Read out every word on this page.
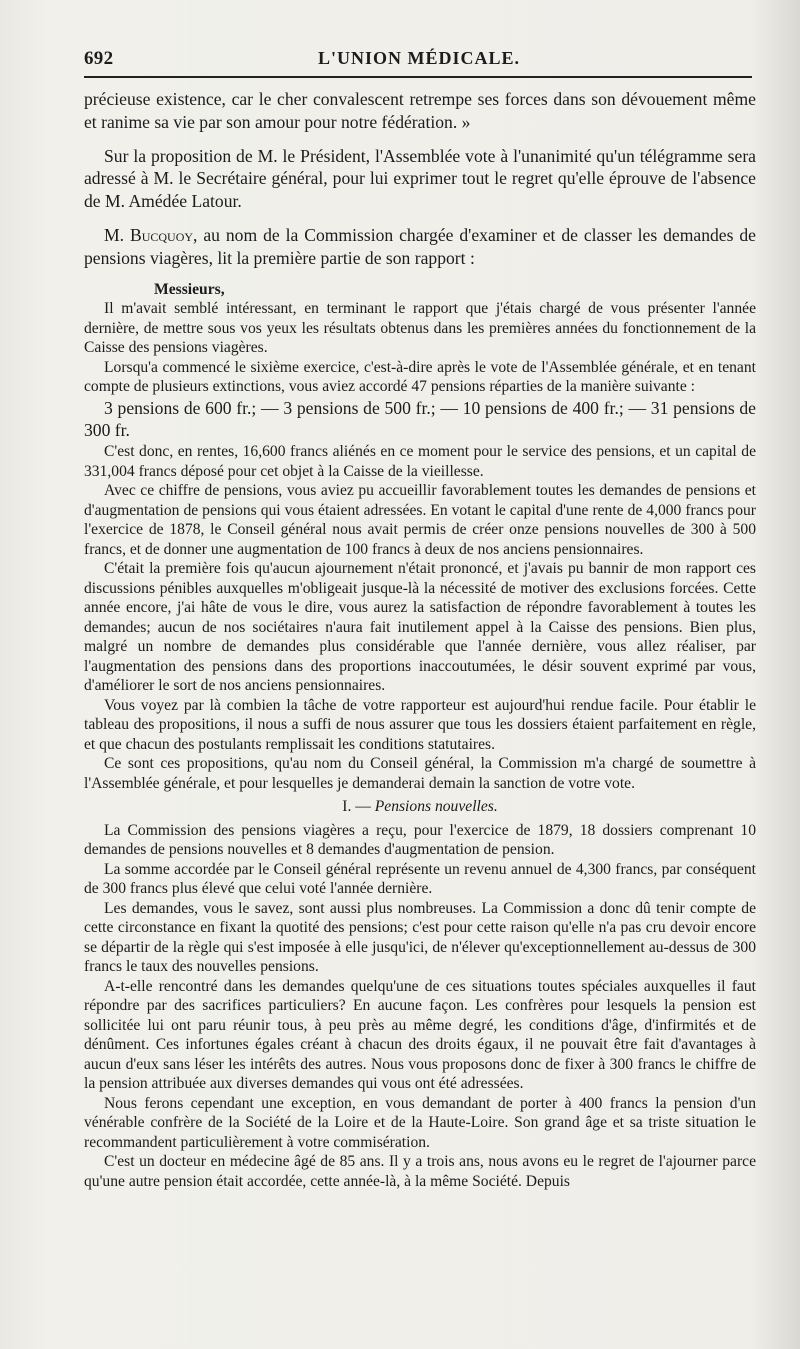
692	L'UNION MÉDICALE.

précieuse existence, car le cher convalescent retrempe ses forces dans son dévouement même et ranime sa vie par son amour pour notre fédération. »

Sur la proposition de M. le Président, l'Assemblée vote à l'unanimité qu'un télégramme sera adressé à M. le Secrétaire général, pour lui exprimer tout le regret qu'elle éprouve de l'absence de M. Amédée Latour.

M. Bucquoy, au nom de la Commission chargée d'examiner et de classer les demandes de pensions viagères, lit la première partie de son rapport :

Messieurs,

Il m'avait semblé intéressant, en terminant le rapport que j'étais chargé de vous présenter l'année dernière, de mettre sous vos yeux les résultats obtenus dans les premières années du fonctionnement de la Caisse des pensions viagères.

Lorsqu'a commencé le sixième exercice, c'est-à-dire après le vote de l'Assemblée générale, et en tenant compte de plusieurs extinctions, vous aviez accordé 47 pensions réparties de la manière suivante :

3 pensions de 600 fr.; — 3 pensions de 500 fr.; — 10 pensions de 400 fr.; — 31 pensions de 300 fr.

C'est donc, en rentes, 16,600 francs aliénés en ce moment pour le service des pensions, et un capital de 331,004 francs déposé pour cet objet à la Caisse de la vieillesse.

Avec ce chiffre de pensions, vous aviez pu accueillir favorablement toutes les demandes de pensions et d'augmentation de pensions qui vous étaient adressées. En votant le capital d'une rente de 4,000 francs pour l'exercice de 1878, le Conseil général nous avait permis de créer onze pensions nouvelles de 300 à 500 francs, et de donner une augmentation de 100 francs à deux de nos anciens pensionnaires.

C'était la première fois qu'aucun ajournement n'était prononcé, et j'avais pu bannir de mon rapport ces discussions pénibles auxquelles m'obligeait jusque-là la nécessité de motiver des exclusions forcées. Cette année encore, j'ai hâte de vous le dire, vous aurez la satisfaction de répondre favorablement à toutes les demandes; aucun de nos sociétaires n'aura fait inutilement appel à la Caisse des pensions. Bien plus, malgré un nombre de demandes plus considérable que l'année dernière, vous allez réaliser, par l'augmentation des pensions dans des proportions inaccoutumées, le désir souvent exprimé par vous, d'améliorer le sort de nos anciens pensionnaires.

Vous voyez par là combien la tâche de votre rapporteur est aujourd'hui rendue facile. Pour établir le tableau des propositions, il nous a suffi de nous assurer que tous les dossiers étaient parfaitement en règle, et que chacun des postulants remplissait les conditions statutaires.

Ce sont ces propositions, qu'au nom du Conseil général, la Commission m'a chargé de soumettre à l'Assemblée générale, et pour lesquelles je demanderai demain la sanction de votre vote.

I. — Pensions nouvelles.

La Commission des pensions viagères a reçu, pour l'exercice de 1879, 18 dossiers comprenant 10 demandes de pensions nouvelles et 8 demandes d'augmentation de pension.

La somme accordée par le Conseil général représente un revenu annuel de 4,300 francs, par conséquent de 300 francs plus élevé que celui voté l'année dernière.

Les demandes, vous le savez, sont aussi plus nombreuses. La Commission a donc dû tenir compte de cette circonstance en fixant la quotité des pensions; c'est pour cette raison qu'elle n'a pas cru devoir encore se départir de la règle qui s'est imposée à elle jusqu'ici, de n'élever qu'exceptionnellement au-dessus de 300 francs le taux des nouvelles pensions.

A-t-elle rencontré dans les demandes quelqu'une de ces situations toutes spéciales auxquelles il faut répondre par des sacrifices particuliers? En aucune façon. Les confrères pour lesquels la pension est sollicitée lui ont paru réunir tous, à peu près au même degré, les conditions d'âge, d'infirmités et de dénûment. Ces infortunes égales créant à chacun des droits égaux, il ne pouvait être fait d'avantages à aucun d'eux sans léser les intérêts des autres. Nous vous proposons donc de fixer à 300 francs le chiffre de la pension attribuée aux diverses demandes qui vous ont été adressées.

Nous ferons cependant une exception, en vous demandant de porter à 400 francs la pension d'un vénérable confrère de la Société de la Loire et de la Haute-Loire. Son grand âge et sa triste situation le recommandent particulièrement à votre commisération.

C'est un docteur en médecine âgé de 85 ans. Il y a trois ans, nous avons eu le regret de l'ajourner parce qu'une autre pension était accordée, cette année-là, à la même Société. Depuis
